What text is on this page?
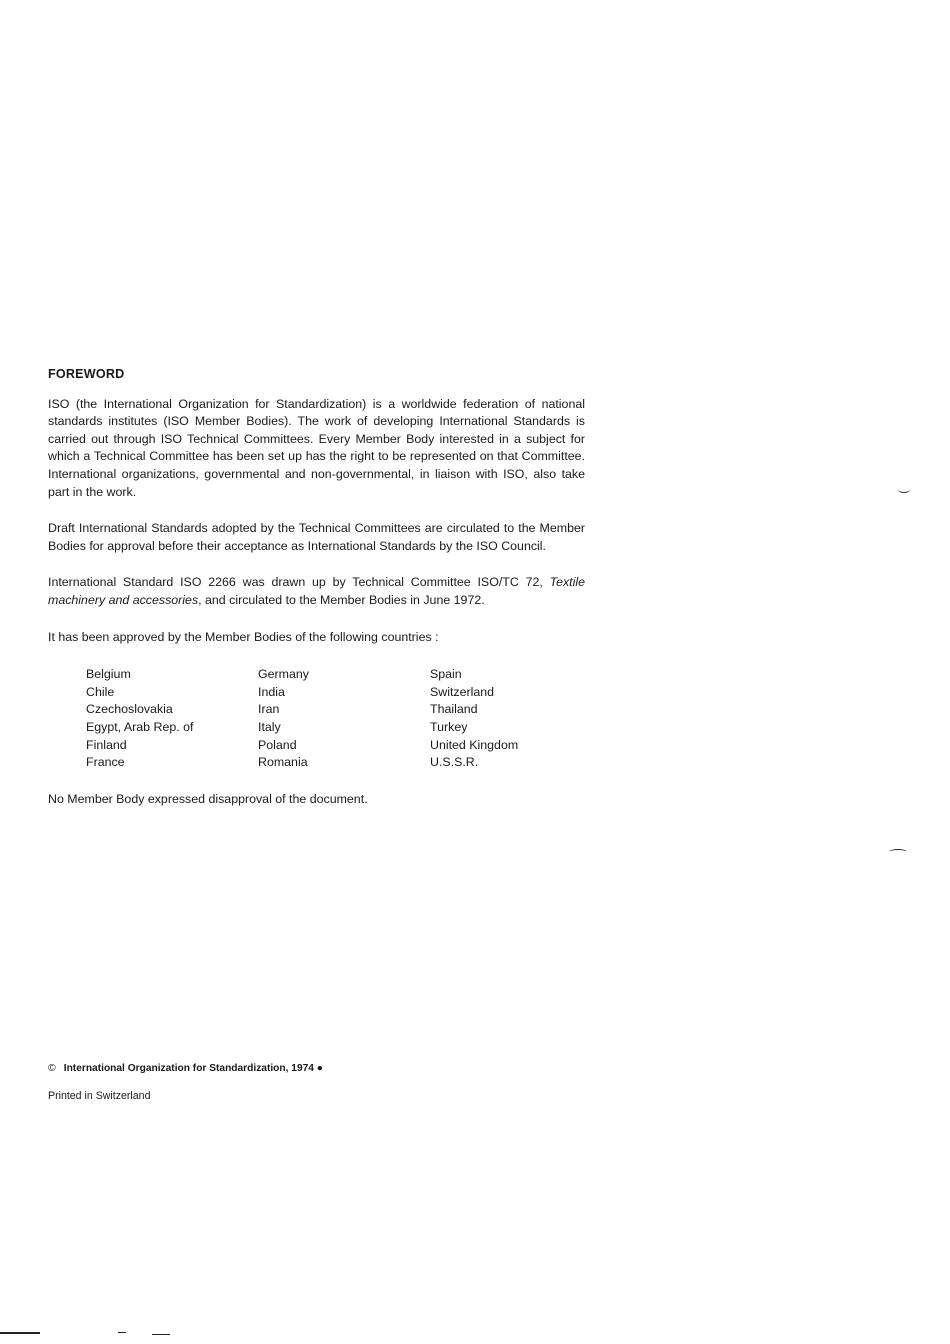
FOREWORD

ISO (the International Organization for Standardization) is a worldwide federation of national standards institutes (ISO Member Bodies). The work of developing International Standards is carried out through ISO Technical Committees. Every Member Body interested in a subject for which a Technical Committee has been set up has the right to be represented on that Committee. International organizations, governmental and non-governmental, in liaison with ISO, also take part in the work.

Draft International Standards adopted by the Technical Committees are circulated to the Member Bodies for approval before their acceptance as International Standards by the ISO Council.

International Standard ISO 2266 was drawn up by Technical Committee ISO/TC 72, Textile machinery and accessories, and circulated to the Member Bodies in June 1972.

It has been approved by the Member Bodies of the following countries :

Belgium
Chile
Czechoslovakia
Egypt, Arab Rep. of
Finland
France
Germany
India
Iran
Italy
Poland
Romania
Spain
Switzerland
Thailand
Turkey
United Kingdom
U.S.S.R.

No Member Body expressed disapproval of the document.

© International Organization for Standardization, 1974 ●
Printed in Switzerland
